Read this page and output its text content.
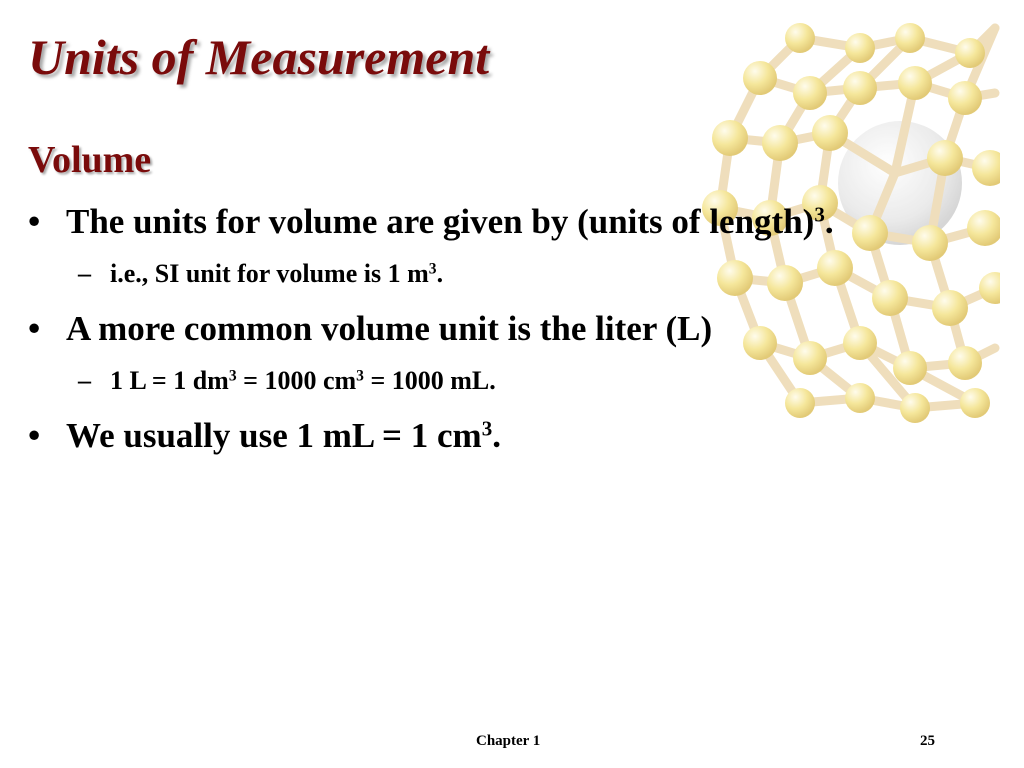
Units of Measurement
Volume
• The units for volume are given by (units of length)$^3$.
– i.e., SI unit for volume is 1 $m^3$.
• A more common volume unit is the liter (L)
– 1 L = 1 $dm^3 = 1000$ $cm^3 = 1000$ mL.
• We usually use 1 mL = 1 $cm^3$.
Chapter 1	25
